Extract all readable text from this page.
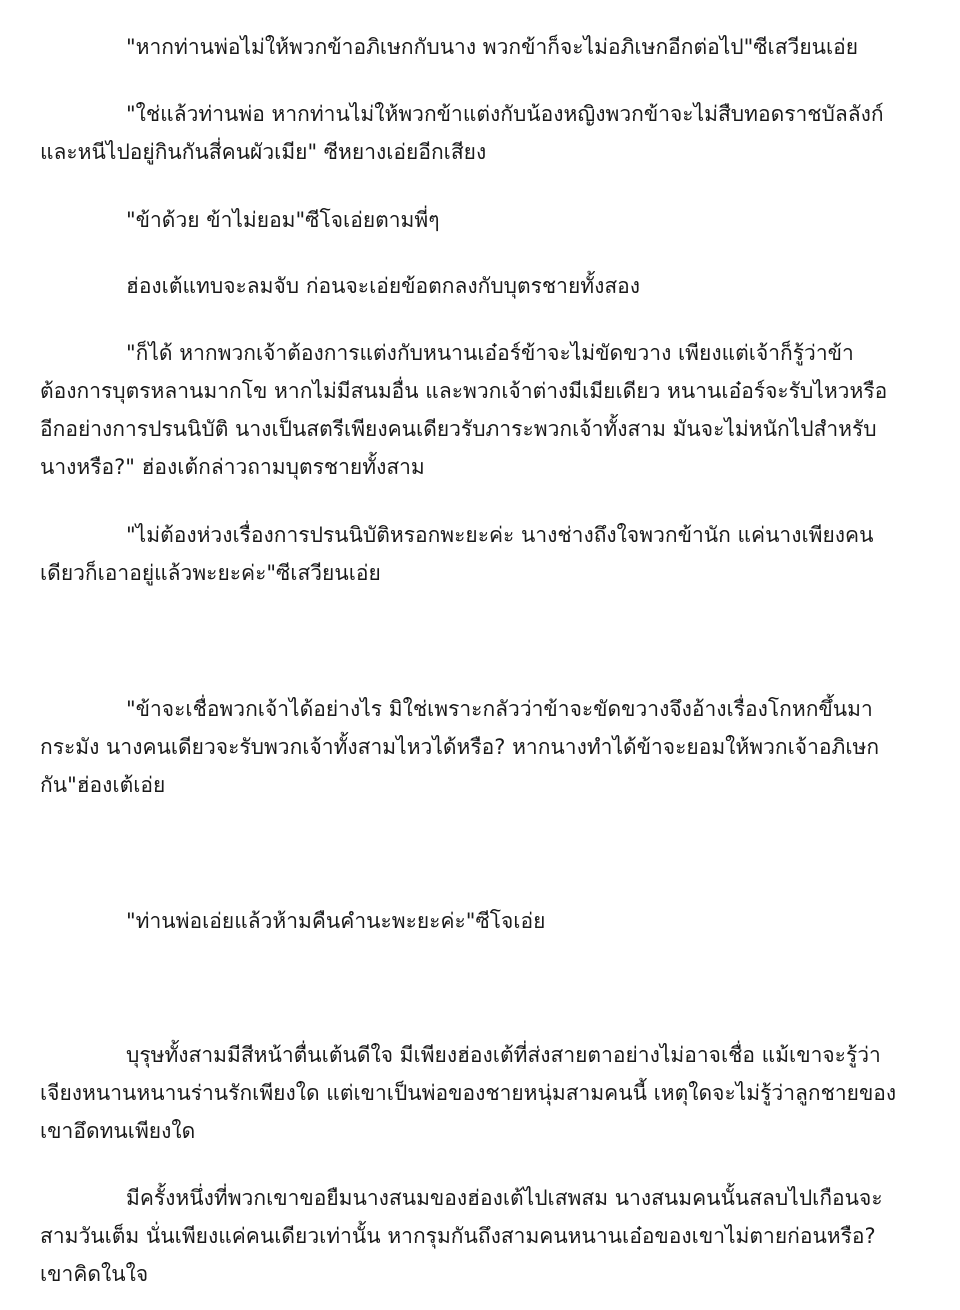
"หากท่านพ่อไม่ให้พวกข้าอภิเษกกับนาง พวกข้าก็จะไม่อภิเษกอีกต่อไป"ซีเสวียนเอ่ย

"ใช่แล้วท่านพ่อ หากท่านไม่ให้พวกข้าแต่งกับน้องหญิงพวกข้าจะไม่สืบทอดราชบัลลังก์ และหนีไปอยู่กินกันสี่คนผัวเมีย" ซีหยางเอ่ยอีกเสียง

"ข้าด้วย ข้าไม่ยอม"ซีโจเอ่ยตามพี่ๆ

ฮ่องเต้แทบจะลมจับ ก่อนจะเอ่ยข้อตกลงกับบุตรชายทั้งสอง

"ก็ได้ หากพวกเจ้าต้องการแต่งกับหนานเอ๋อร์ข้าจะไม่ขัดขวาง เพียงแต่เจ้าก็รู้ว่าข้าต้องการบุตรหลานมากโข หากไม่มีสนมอื่น และพวกเจ้าต่างมีเมียเดียว หนานเอ๋อร์จะรับไหวหรือ อีกอย่างการปรนนิบัติ นางเป็นสตรีเพียงคนเดียวรับภาระพวกเจ้าทั้งสาม มันจะไม่หนักไปสำหรับนางหรือ?" ฮ่องเต้กล่าวถามบุตรชายทั้งสาม

"ไม่ต้องห่วงเรื่องการปรนนิบัติหรอกพะยะค่ะ นางช่างถึงใจพวกข้านัก แค่นางเพียงคนเดียวก็เอาอยู่แล้วพะยะค่ะ"ซีเสวียนเอ่ย

"ข้าจะเชื่อพวกเจ้าได้อย่างไร มิใช่เพราะกลัวว่าข้าจะขัดขวางจึงอ้างเรื่องโกหกขึ้นมากระมัง นางคนเดียวจะรับพวกเจ้าทั้งสามไหวได้หรือ? หากนางทำได้ข้าจะยอมให้พวกเจ้าอภิเษกกัน"ฮ่องเต้เอ่ย

"ท่านพ่อเอ่ยแล้วห้ามคืนคำนะพะยะค่ะ"ซีโจเอ่ย

บุรุษทั้งสามมีสีหน้าตื่นเต้นดีใจ มีเพียงฮ่องเต้ที่ส่งสายตาอย่างไม่อาจเชื่อ แม้เขาจะรู้ว่าเจียงหนานหนานร่านรักเพียงใด แต่เขาเป็นพ่อของชายหนุ่มสามคนนี้ เหตุใดจะไม่รู้ว่าลูกชายของเขาอึดทนเพียงใด

มีครั้งหนึ่งที่พวกเขาขอยืมนางสนมของฮ่องเต้ไปเสพสม นางสนมคนนั้นสลบไปเกือนจะสามวันเต็ม นั่นเพียงแค่คนเดียวเท่านั้น หากรุมกันถึงสามคนหนานเอ๋อของเขาไม่ตายก่อนหรือ? เขาคิดในใจ
